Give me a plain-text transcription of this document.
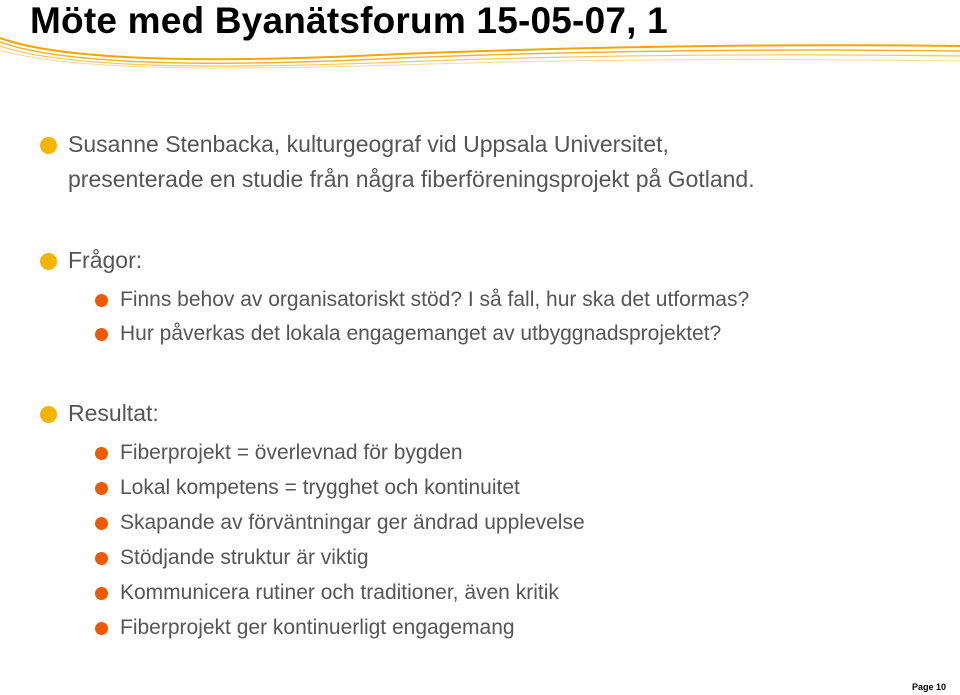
Möte med Byanätsforum 15-05-07, 1
Susanne Stenbacka, kulturgeograf vid Uppsala Universitet,
presenterade en studie från några fiberföreningsprojekt på Gotland.
Frågor:
Finns behov av organisatoriskt stöd? I så fall, hur ska det utformas?
Hur påverkas det lokala engagemanget av utbyggnadsprojektet?
Resultat:
Fiberprojekt = överlevnad för bygden
Lokal kompetens = trygghet och kontinuitet
Skapande av förväntningar ger ändrad upplevelse
Stödjande struktur är viktig
Kommunicera rutiner och traditioner, även kritik
Fiberprojekt ger kontinuerligt engagemang
Page 10
